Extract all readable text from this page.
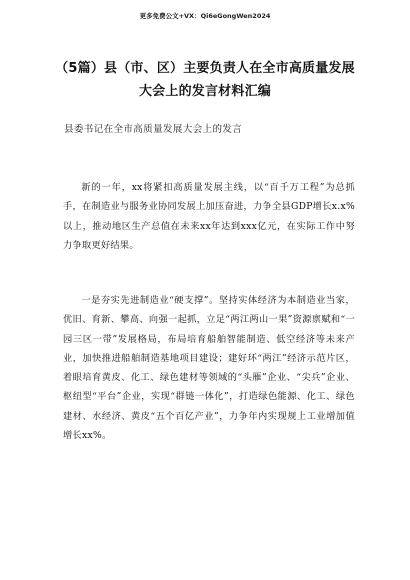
更多免费公文+VX：Qi6eGongWen2024
（5篇）县（市、区）主要负责人在全市高质量发展
大会上的发言材料汇编
县委书记在全市高质量发展大会上的发言

新的一年，xx将紧扣高质量发展主线，以“百千万工程”为总抓手，在制造业与服务业协同发展上加压奋进，力争全县GDP增长x.x%以上，推动地区生产总值在未来xx年达到xxx亿元，在实际工作中努力争取更好结果。

一是夯实先进制造业“硬支撑”。坚持实体经济为本制造业当家，优旧、育新、攀高、向强一起抓，立足“两江两山一果”资源禀赋和“一园三区一带”发展格局，布局培育船舶智能制造、低空经济等未来产业，加快推进船舶制造基地项目建设；建好环“两江”经济示范片区，着眼培育黄皮、化工、绿色建材等领域的“头雁”企业、“尖兵”企业、枢纽型“平台”企业，实现“群链一体化”，打造绿色能源、化工、绿色建材、水经济、黄皮“五个百亿产业”，力争年内实现规上工业增加值增长xx%。
